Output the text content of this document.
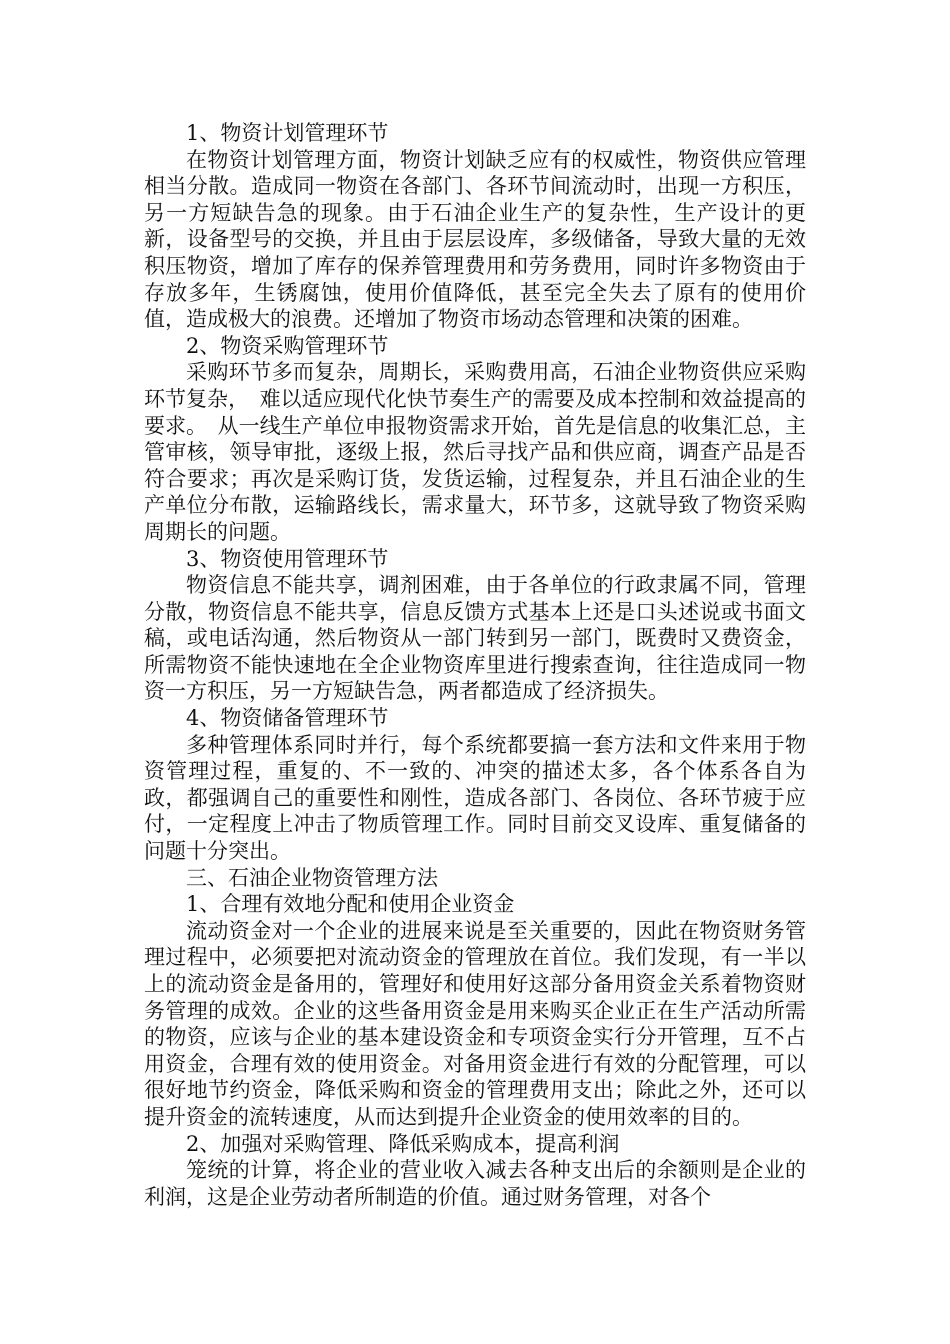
1、物资计划管理环节

在物资计划管理方面，物资计划缺乏应有的权威性，物资供应管理相当分散。造成同一物资在各部门、各环节间流动时，出现一方积压，另一方短缺告急的现象。由于石油企业生产的复杂性，生产设计的更新，设备型号的交换，并且由于层层设库，多级储备，导致大量的无效积压物资，增加了库存的保养管理费用和劳务费用，同时许多物资由于存放多年，生锈腐蚀，使用价值降低，甚至完全失去了原有的使用价值，造成极大的浪费。还增加了物资市场动态管理和决策的困难。

2、物资采购管理环节

采购环节多而复杂，周期长，采购费用高，石油企业物资供应采购环节复杂，　难以适应现代化快节奏生产的需要及成本控制和效益提高的要求。　从一线生产单位申报物资需求开始，首先是信息的收集汇总，主管审核，领导审批，逐级上报，然后寻找产品和供应商，调查产品是否符合要求；再次是采购订货，发货运输，过程复杂，并且石油企业的生产单位分布散，运输路线长，需求量大，环节多，这就导致了物资采购周期长的问题。

3、物资使用管理环节

物资信息不能共享，调剂困难，由于各单位的行政隶属不同，管理分散，物资信息不能共享，信息反馈方式基本上还是口头述说或书面文稿，或电话沟通，然后物资从一部门转到另一部门，既费时又费资金，所需物资不能快速地在全企业物资库里进行搜索查询，往往造成同一物资一方积压，另一方短缺告急，两者都造成了经济损失。

4、物资储备管理环节

多种管理体系同时并行，每个系统都要搞一套方法和文件来用于物资管理过程，重复的、不一致的、冲突的描述太多，各个体系各自为政，都强调自己的重要性和刚性，造成各部门、各岗位、各环节疲于应付，一定程度上冲击了物质管理工作。同时目前交叉设库、重复储备的问题十分突出。

三、石油企业物资管理方法

1、合理有效地分配和使用企业资金

流动资金对一个企业的进展来说是至关重要的，因此在物资财务管理过程中，必须要把对流动资金的管理放在首位。我们发现，有一半以上的流动资金是备用的，管理好和使用好这部分备用资金关系着物资财务管理的成效。企业的这些备用资金是用来购买企业正在生产活动所需的物资，应该与企业的基本建设资金和专项资金实行分开管理，互不占用资金，合理有效的使用资金。对备用资金进行有效的分配管理，可以很好地节约资金，降低采购和资金的管理费用支出；除此之外，还可以提升资金的流转速度，从而达到提升企业资金的使用效率的目的。

2、加强对采购管理、降低采购成本，提高利润

笼统的计算，将企业的营业收入减去各种支出后的余额则是企业的利润，这是企业劳动者所制造的价值。通过财务管理，对各个
